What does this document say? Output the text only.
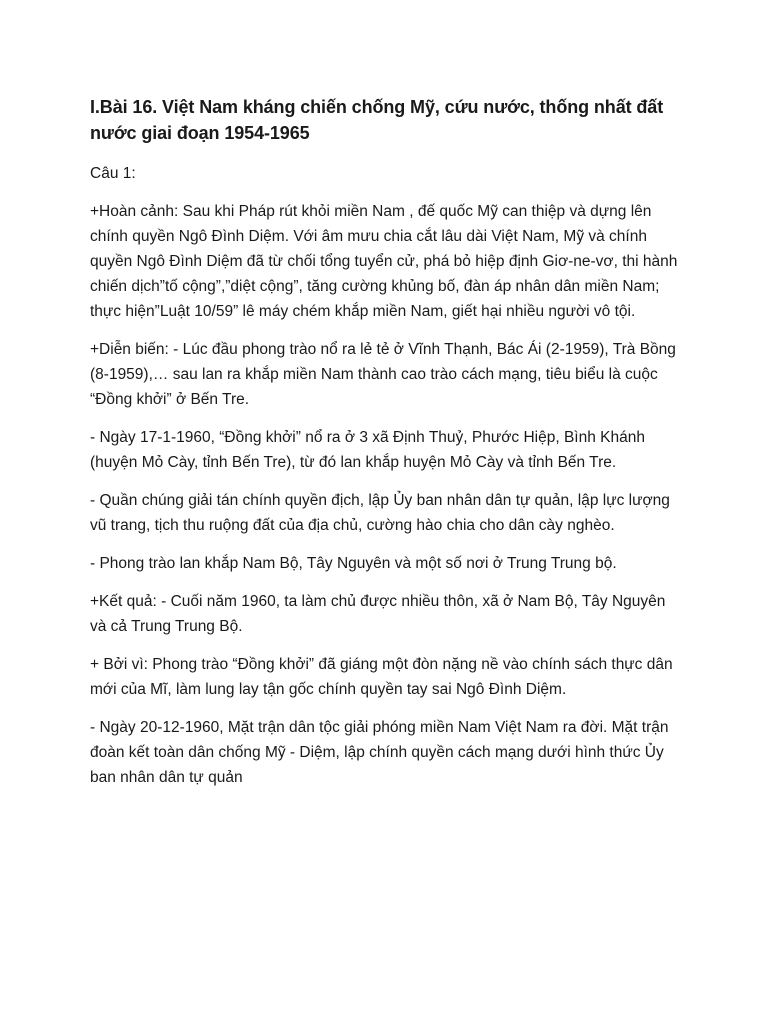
I.Bài 16. Việt Nam kháng chiến chống Mỹ, cứu nước, thống nhất đất nước giai đoạn 1954-1965

Câu 1:

+Hoàn cảnh: Sau khi Pháp rút khỏi miền Nam , đế quốc Mỹ can thiệp và dựng lên chính quyền Ngô Đình Diệm. Với âm mưu chia cắt lâu dài Việt Nam, Mỹ và chính quyền Ngô Đình Diệm đã từ chối tổng tuyển cử, phá bỏ hiệp định Giơ-ne-vơ, thi hành chiến dịch”tố cộng”,”diệt cộng”, tăng cường khủng bố, đàn áp nhân dân miền Nam; thực hiện”Luật 10/59” lê máy chém khắp miền Nam, giết hại nhiều người vô tội.

+Diễn biến: - Lúc đầu phong trào nổ ra lẻ tẻ ở Vĩnh Thạnh, Bác Ái (2-1959), Trà Bồng (8-1959),… sau lan ra khắp miền Nam thành cao trào cách mạng, tiêu biểu là cuộc “Đồng khởi” ở Bến Tre.

- Ngày 17-1-1960, “Đồng khởi” nổ ra ở 3 xã Định Thuỷ, Phước Hiệp, Bình Khánh (huyện Mỏ Cày, tỉnh Bến Tre), từ đó lan khắp huyện Mỏ Cày và tỉnh Bến Tre.

- Quần chúng giải tán chính quyền địch, lập Ủy ban nhân dân tự quản, lập lực lượng vũ trang, tịch thu ruộng đất của địa chủ, cường hào chia cho dân cày nghèo.

- Phong trào lan khắp Nam Bộ, Tây Nguyên và một số nơi ở Trung Trung bộ.

+Kết quả: - Cuối năm 1960, ta làm chủ được nhiều thôn, xã ở Nam Bộ, Tây Nguyên và cả Trung Trung Bộ.

+ Bởi vì: Phong trào “Đồng khởi” đã giáng một đòn nặng nề vào chính sách thực dân mới của Mĩ, làm lung lay tận gốc chính quyền tay sai Ngô Đình Diệm.

- Ngày 20-12-1960, Mặt trận dân tộc giải phóng miền Nam Việt Nam ra đời. Mặt trận đoàn kết toàn dân chống Mỹ - Diệm, lập chính quyền cách mạng dưới hình thức Ủy ban nhân dân tự quản
